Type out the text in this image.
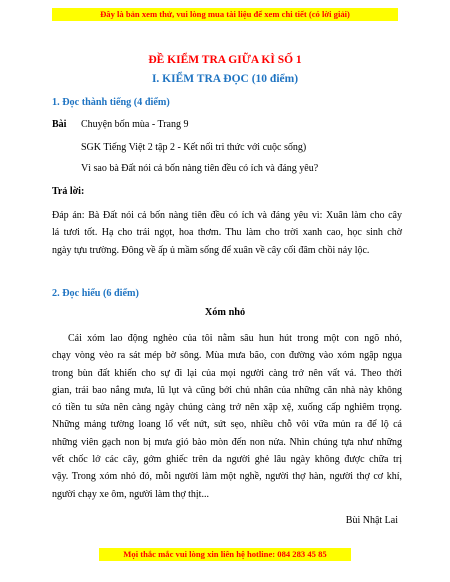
Đây là bản xem thử, vui lòng mua tài liệu để xem chi tiết (có lời giải)
ĐỀ KIỂM TRA GIỮA KÌ SỐ 1
I. KIỂM TRA ĐỌC (10 điểm)
1. Đọc thành tiếng (4 điểm)
Bài Chuyện bốn mùa - Trang 9
SGK Tiếng Việt 2 tập 2 - Kết nối tri thức với cuộc sống)
Vì sao bà Đất nói cả bốn nàng tiên đều có ích và đáng yêu?
Trả lời:
Đáp án: Bà Đất nói cả bốn nàng tiên đều có ích và đáng yêu vì: Xuân làm cho cây
lá tươi tốt. Hạ cho trái ngọt, hoa thơm. Thu làm cho trời xanh cao, học sinh chờ
ngày tựu trường. Đông về ấp ủ mầm sống để xuân về cây cối đâm chồi nảy lộc.
2. Đọc hiểu (6 điểm)
Xóm nhỏ
Cái xóm lao động nghèo của tôi nằm sâu hun hút trong một con ngõ nhỏ,
chạy vòng vèo ra sát mép bờ sông. Mùa mưa bão, con đường vào xóm ngập ngụa
trong bùn đất khiến cho sự đi lại của mọi người càng trở nên vất vả. Theo thời
gian, trải bao nắng mưa, lũ lụt và cũng bởi chủ nhân của những căn nhà này không
có tiền tu sửa nên càng ngày chúng càng trở nên xập xệ, xuống cấp nghiêm trọng.
Những mảng tường loang lổ vết nứt, sứt sẹo, nhiều chỗ vôi vữa mủn ra để lộ cả
những viên gạch non bị mưa gió bào mòn đến non nửa. Nhìn chúng tựa như những
vết chốc lở các cây, gớm ghiếc trên da người ghẻ lâu ngày không được chữa trị
vậy. Trong xóm nhỏ đó, mỗi người làm một nghề, người thợ hàn, người thợ cơ khí,
người chạy xe ôm, người làm thợ thịt...
Bùi Nhật Lai
Mọi thắc mắc vui lòng xin liên hệ hotline: 084 283 45 85
